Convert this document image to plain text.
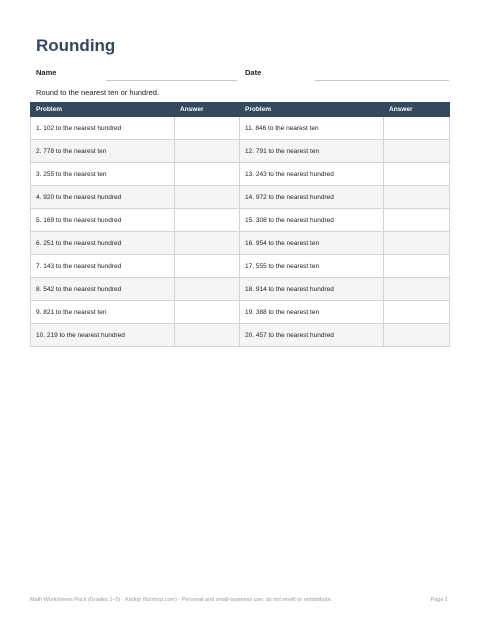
Rounding
Name	Date
Round to the nearest ten or hundred.
Problem	Answer	Problem	Answer
1. 102 to the nearest hundred		11. 846 to the nearest ten	
2. 778 to the nearest ten		12. 791 to the nearest ten	
3. 255 to the nearest ten		13. 243 to the nearest hundred	
4. 920 to the nearest hundred		14. 972 to the nearest hundred	
5. 169 to the nearest hundred		15. 308 to the nearest hundred	
6. 251 to the nearest hundred		16. 954 to the nearest ten	
7. 143 to the nearest hundred		17. 555 to the nearest ten	
8. 542 to the nearest hundred		18. 914 to the nearest hundred	
9. 821 to the nearest ten		19. 388 to the nearest ten	
10. 219 to the nearest hundred		20. 457 to the nearest hundred	
Math Worksheets Pack (Grades 1–5) · Kedop (fizishop.com) · Personal and small-business use; do not resell or redistribute.	Page 1
